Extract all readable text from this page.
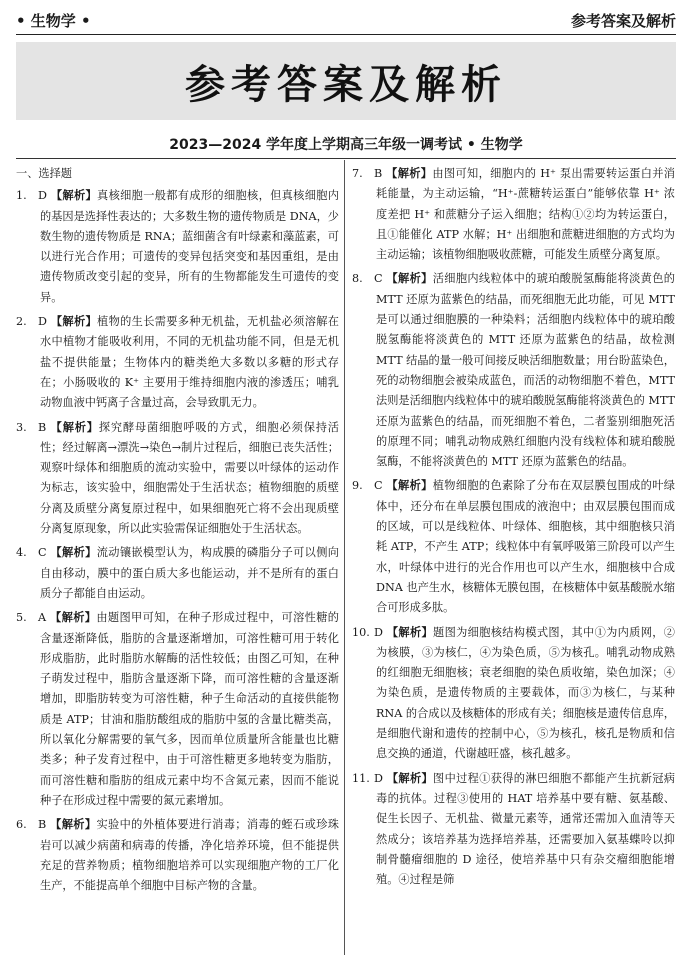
• 生物学 •	参考答案及解析
参考答案及解析
2023—2024 学年度上学期高三年级一调考试 • 生物学
一、选择题
1. D 【解析】真核细胞一般都有成形的细胞核，但真核细胞内的基因是选择性表达的；大多数生物的遗传物质是 DNA，少数生物的遗传物质是 RNA；蓝细菌含有叶绿素和藻蓝素，可以进行光合作用；可遗传的变异包括突变和基因重组，是由遗传物质改变引起的变异，所有的生物都能发生可遗传的变异。
2. D 【解析】植物的生长需要多种无机盐，无机盐必须溶解在水中植物才能吸收利用，不同的无机盐功能不同，但是无机盐不提供能量；生物体内的糖类绝大多数以多糖的形式存在；小肠吸收的 K⁺ 主要用于维持细胞内液的渗透压；哺乳动物血液中钙离子含量过高，会导致肌无力。
3. B 【解析】探究酵母菌细胞呼吸的方式，细胞必须保持活性；经过解离→漂洗→染色→制片过程后，细胞已丧失活性；观察叶绿体和细胞质的流动实验中，需要以叶绿体的运动作为标志，该实验中，细胞需处于生活状态；植物细胞的质壁分离及质壁分离复原过程中，如果细胞死亡将不会出现质壁分离复原现象，所以此实验需保证细胞处于生活状态。
4. C 【解析】流动镶嵌模型认为，构成膜的磷脂分子可以侧向自由移动，膜中的蛋白质大多也能运动，并不是所有的蛋白质分子都能自由运动。
5. A 【解析】由题图甲可知，在种子形成过程中，可溶性糖的含量逐渐降低，脂肪的含量逐渐增加，可溶性糖可用于转化形成脂肪，此时脂肪水解酶的活性较低；由图乙可知，在种子萌发过程中，脂肪含量逐渐下降，而可溶性糖的含量逐渐增加，即脂肪转变为可溶性糖，种子生命活动的直接供能物质是 ATP；甘油和脂肪酸组成的脂肪中氢的含量比糖类高，所以氧化分解需要的氧气多，因而单位质量所含能量也比糖类多；种子发育过程中，由于可溶性糖更多地转变为脂肪，而可溶性糖和脂肪的组成元素中均不含氮元素，因而不能说种子在形成过程中需要的氮元素增加。
6. B 【解析】实验中的外植体要进行消毒；消毒的蛭石或珍珠岩可以减少病菌和病毒的传播，净化培养环境，但不能提供充足的营养物质；植物细胞培养可以实现细胞产物的工厂化生产，不能提高单个细胞中目标产物的含量。
7. B 【解析】由图可知，细胞内的 H⁺ 泵出需要转运蛋白并消耗能量，为主动运输，“H⁺-蔗糖转运蛋白”能够依靠 H⁺ 浓度差把 H⁺ 和蔗糖分子运入细胞；结构①②均为转运蛋白，且①能催化 ATP 水解；H⁺ 出细胞和蔗糖进细胞的方式均为主动运输；该植物细胞吸收蔗糖，可能发生质壁分离复原。
8. C 【解析】活细胞内线粒体中的琥珀酸脱氢酶能将淡黄色的 MTT 还原为蓝紫色的结晶，而死细胞无此功能，可见 MTT 是可以通过细胞膜的一种染料；活细胞内线粒体中的琥珀酸脱氢酶能将淡黄色的 MTT 还原为蓝紫色的结晶，故检测 MTT 结晶的量一般可间接反映活细胞数量；用台盼蓝染色，死的动物细胞会被染成蓝色，而活的动物细胞不着色，MTT 法则是活细胞内线粒体中的琥珀酸脱氢酶能将淡黄色的 MTT 还原为蓝紫色的结晶，而死细胞不着色，二者鉴别细胞死活的原理不同；哺乳动物成熟红细胞内没有线粒体和琥珀酸脱氢酶，不能将淡黄色的 MTT 还原为蓝紫色的结晶。
9. C 【解析】植物细胞的色素除了分布在双层膜包围成的叶绿体中，还分布在单层膜包围成的液泡中；由双层膜包围而成的区域，可以是线粒体、叶绿体、细胞核，其中细胞核只消耗 ATP，不产生 ATP；线粒体中有氧呼吸第三阶段可以产生水，叶绿体中进行的光合作用也可以产生水，细胞核中合成 DNA 也产生水，核糖体无膜包围，在核糖体中氨基酸脱水缩合可形成多肽。
10. D 【解析】题图为细胞核结构模式图，其中①为内质网，②为核膜，③为核仁，④为染色质，⑤为核孔。哺乳动物成熟的红细胞无细胞核；衰老细胞的染色质收缩，染色加深；④为染色质，是遗传物质的主要载体，而③为核仁，与某种 RNA 的合成以及核糖体的形成有关；细胞核是遗传信息库，是细胞代谢和遗传的控制中心，⑤为核孔，核孔是物质和信息交换的通道，代谢越旺盛，核孔越多。
11. D 【解析】图中过程①获得的淋巴细胞不都能产生抗新冠病毒的抗体。过程③使用的 HAT 培养基中要有糖、氨基酸、促生长因子、无机盐、微量元素等，通常还需加入血清等天然成分；该培养基为选择培养基，还需要加入氨基蝶呤以抑制骨髓瘤细胞的 D 途径，使培养基中只有杂交瘤细胞能增殖。④过程是筛
